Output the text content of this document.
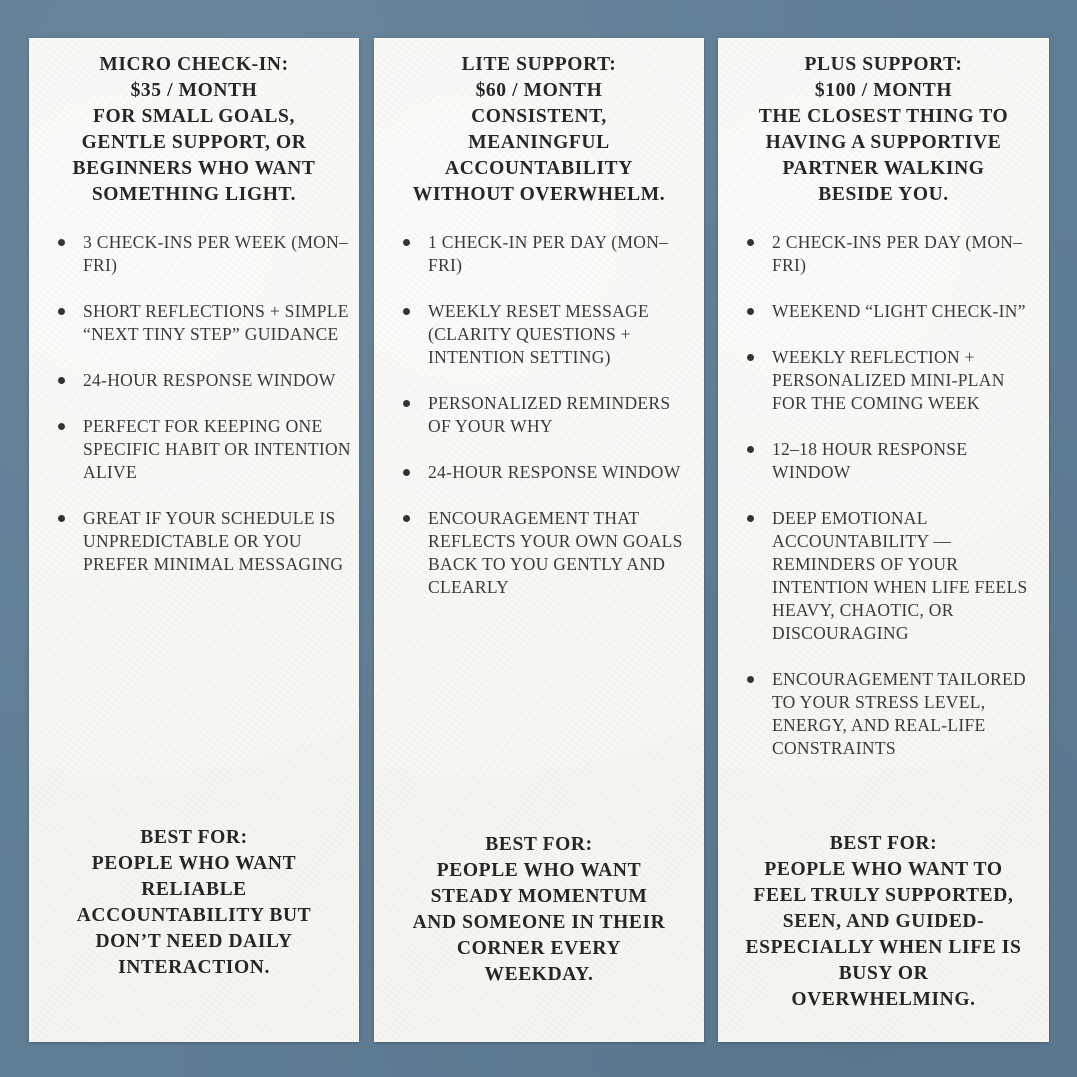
MICRO CHECK-IN:
$35 / MONTH
FOR SMALL GOALS,
GENTLE SUPPORT, OR
BEGINNERS WHO WANT
SOMETHING LIGHT.
3 CHECK-INS PER WEEK (MON–FRI)
SHORT REFLECTIONS + SIMPLE “NEXT TINY STEP” GUIDANCE
24-HOUR RESPONSE WINDOW
PERFECT FOR KEEPING ONE SPECIFIC HABIT OR INTENTION ALIVE
GREAT IF YOUR SCHEDULE IS UNPREDICTABLE OR YOU PREFER MINIMAL MESSAGING
BEST FOR:
PEOPLE WHO WANT
RELIABLE
ACCOUNTABILITY BUT
DON’T NEED DAILY
INTERACTION.
LITE SUPPORT:
$60 / MONTH
CONSISTENT,
MEANINGFUL
ACCOUNTABILITY
WITHOUT OVERWHELM.
1 CHECK-IN PER DAY (MON–FRI)
WEEKLY RESET MESSAGE (CLARITY QUESTIONS + INTENTION SETTING)
PERSONALIZED REMINDERS OF YOUR WHY
24-HOUR RESPONSE WINDOW
ENCOURAGEMENT THAT REFLECTS YOUR OWN GOALS BACK TO YOU GENTLY AND CLEARLY
BEST FOR:
PEOPLE WHO WANT
STEADY MOMENTUM
AND SOMEONE IN THEIR
CORNER EVERY
WEEKDAY.
PLUS SUPPORT:
$100 / MONTH
THE CLOSEST THING TO
HAVING A SUPPORTIVE
PARTNER WALKING
BESIDE YOU.
2 CHECK-INS PER DAY (MON–FRI)
WEEKEND “LIGHT CHECK-IN”
WEEKLY REFLECTION + PERSONALIZED MINI-PLAN FOR THE COMING WEEK
12–18 HOUR RESPONSE WINDOW
DEEP EMOTIONAL ACCOUNTABILITY — REMINDERS OF YOUR INTENTION WHEN LIFE FEELS HEAVY, CHAOTIC, OR DISCOURAGING
ENCOURAGEMENT TAILORED TO YOUR STRESS LEVEL, ENERGY, AND REAL-LIFE CONSTRAINTS
BEST FOR:
PEOPLE WHO WANT TO
FEEL TRULY SUPPORTED,
SEEN, AND GUIDED-
ESPECIALLY WHEN LIFE IS
BUSY OR
OVERWHELMING.
